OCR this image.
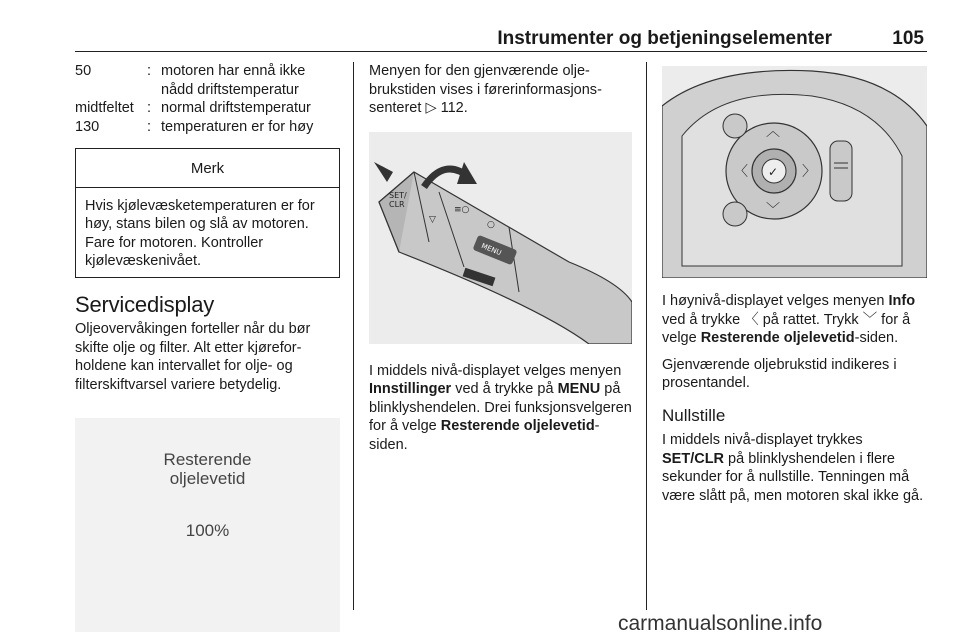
Instrumenter og betjeningselementer	105
50	: motoren har ennå ikke nådd driftstemperatur
midtfeltet : normal driftstemperatur
130	: temperaturen er for høy
Merk
Hvis kjølevæsketemperaturen er for høy, stans bilen og slå av motoren. Fare for motoren. Kontroller kjølevæskenivået.
Servicedisplay

Oljeovervåkingen forteller når du bør skifte olje og filter. Alt etter kjøreforholdene kan intervallet for olje- og filterskiftvarsel variere betydelig.

Resterende
oljelevetid
100%

Menyen for den gjenværende oljebrukstiden vises i førerinformasjonssenteret ▷ 112.

SET/ CLR
▽
≡○
○
MENU

I middels nivå-displayet velges menyen Innstillinger ved å trykke på MENU på blinklyshendelen. Drei funksjonsvelgeren for å velge Resterende oljelevetid-siden.

✓
︿
﹀
〈	〉

I høynivå-displayet velges menyen Info ved å trykke 〈 på rattet. Trykk ﹀ for å velge Resterende oljelevetid-siden.

Gjenværende oljebrukstid indikeres i prosentandel.

Nullstille

I middels nivå-displayet trykkes SET/CLR på blinklyshendelen i flere sekunder for å nullstille. Tenningen må være slått på, men motoren skal ikke gå.

carmanualsonline.info
